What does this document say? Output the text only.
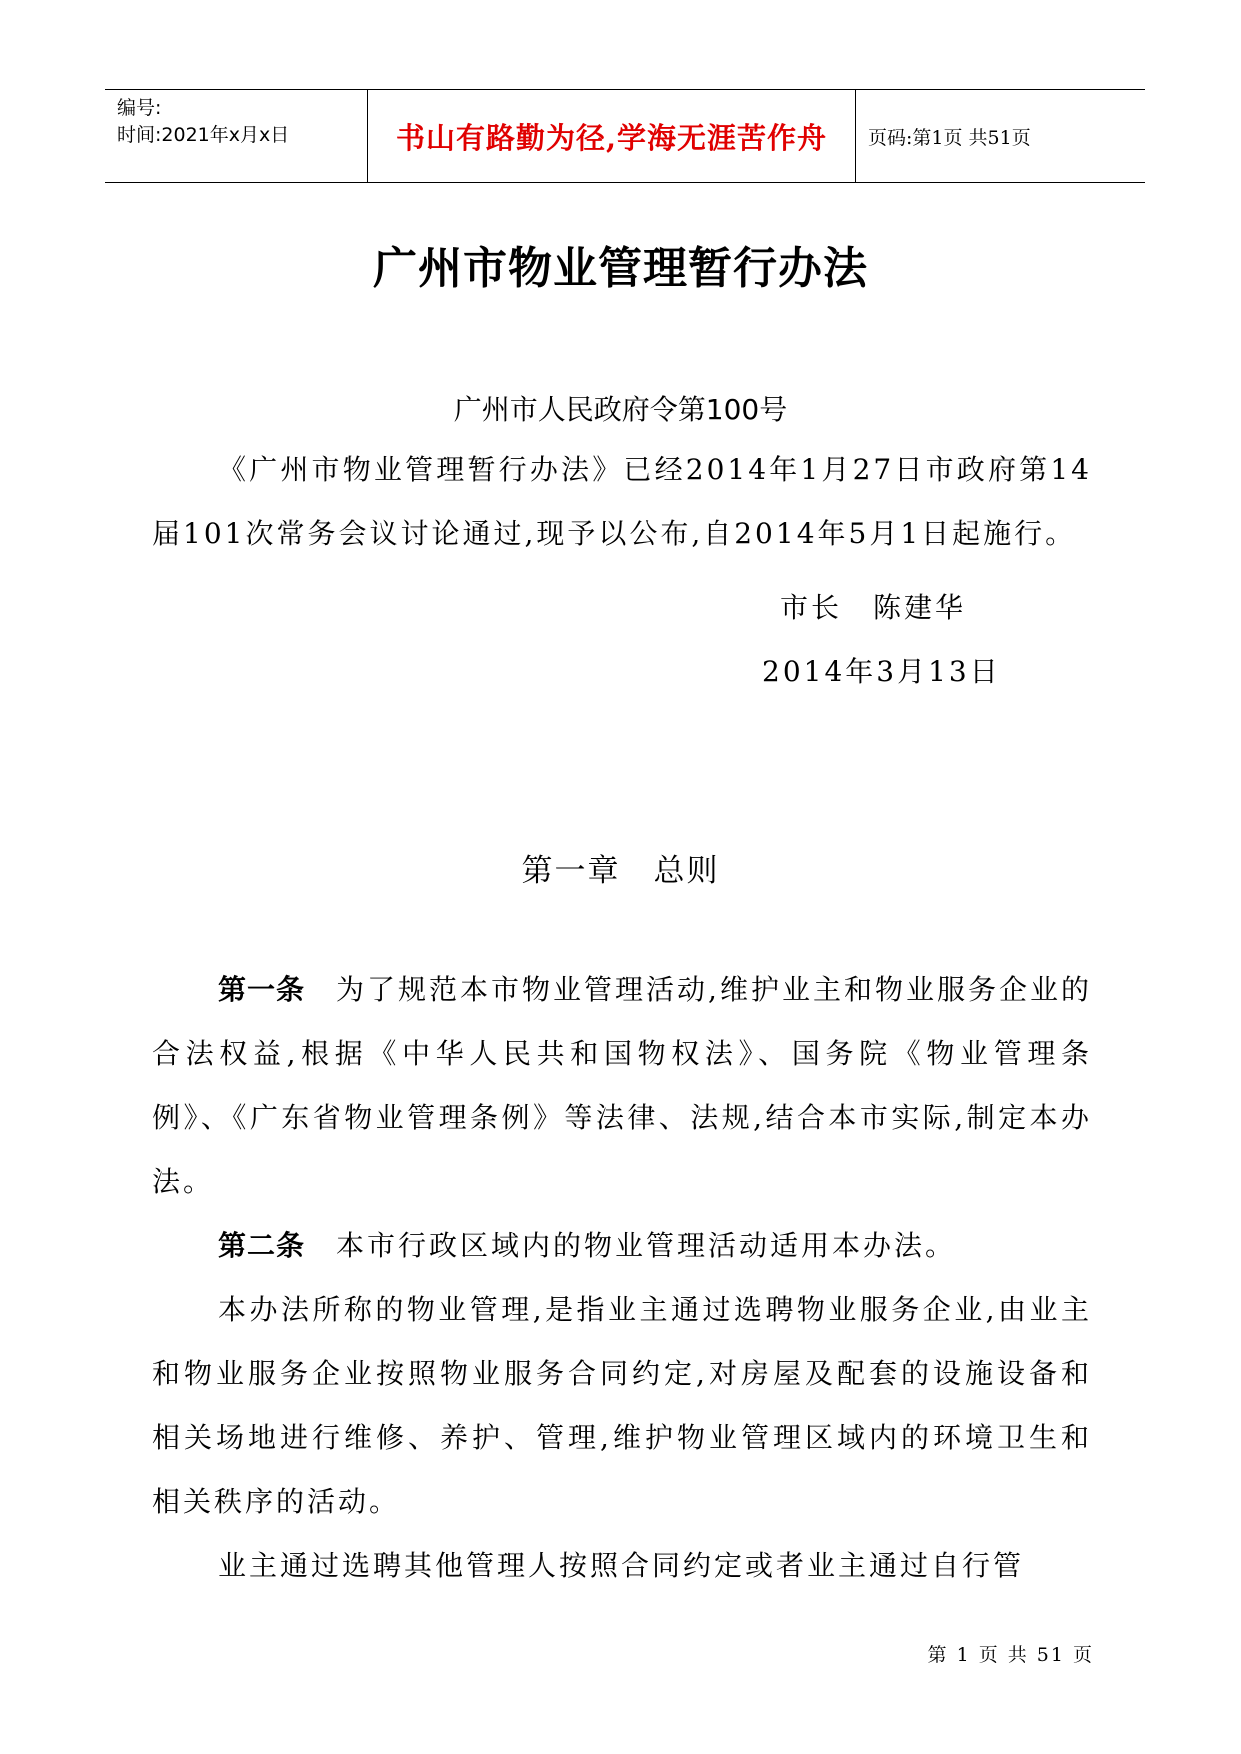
编号:
时间:2021年x月x日	书山有路勤为径,学海无涯苦作舟 页码:第1页 共51页
广州市物业管理暂行办法
广州市人民政府令第100号
《广州市物业管理暂行办法》已经2014年1月27日市政府第14届101次常务会议讨论通过,现予以公布,自2014年5月1日起施行。
市长　陈建华
2014年3月13日
第一章　总则
第一条  为了规范本市物业管理活动,维护业主和物业服务企业的合法权益,根据《中华人民共和国物权法》、国务院《物业管理条例》、《广东省物业管理条例》等法律、法规,结合本市实际,制定本办法。
第二条  本市行政区域内的物业管理活动适用本办法。
本办法所称的物业管理,是指业主通过选聘物业服务企业,由业主和物业服务企业按照物业服务合同约定,对房屋及配套的设施设备和相关场地进行维修、养护、管理,维护物业管理区域内的环境卫生和相关秩序的活动。
业主通过选聘其他管理人按照合同约定或者业主通过自行管
第 1 页 共 51 页
